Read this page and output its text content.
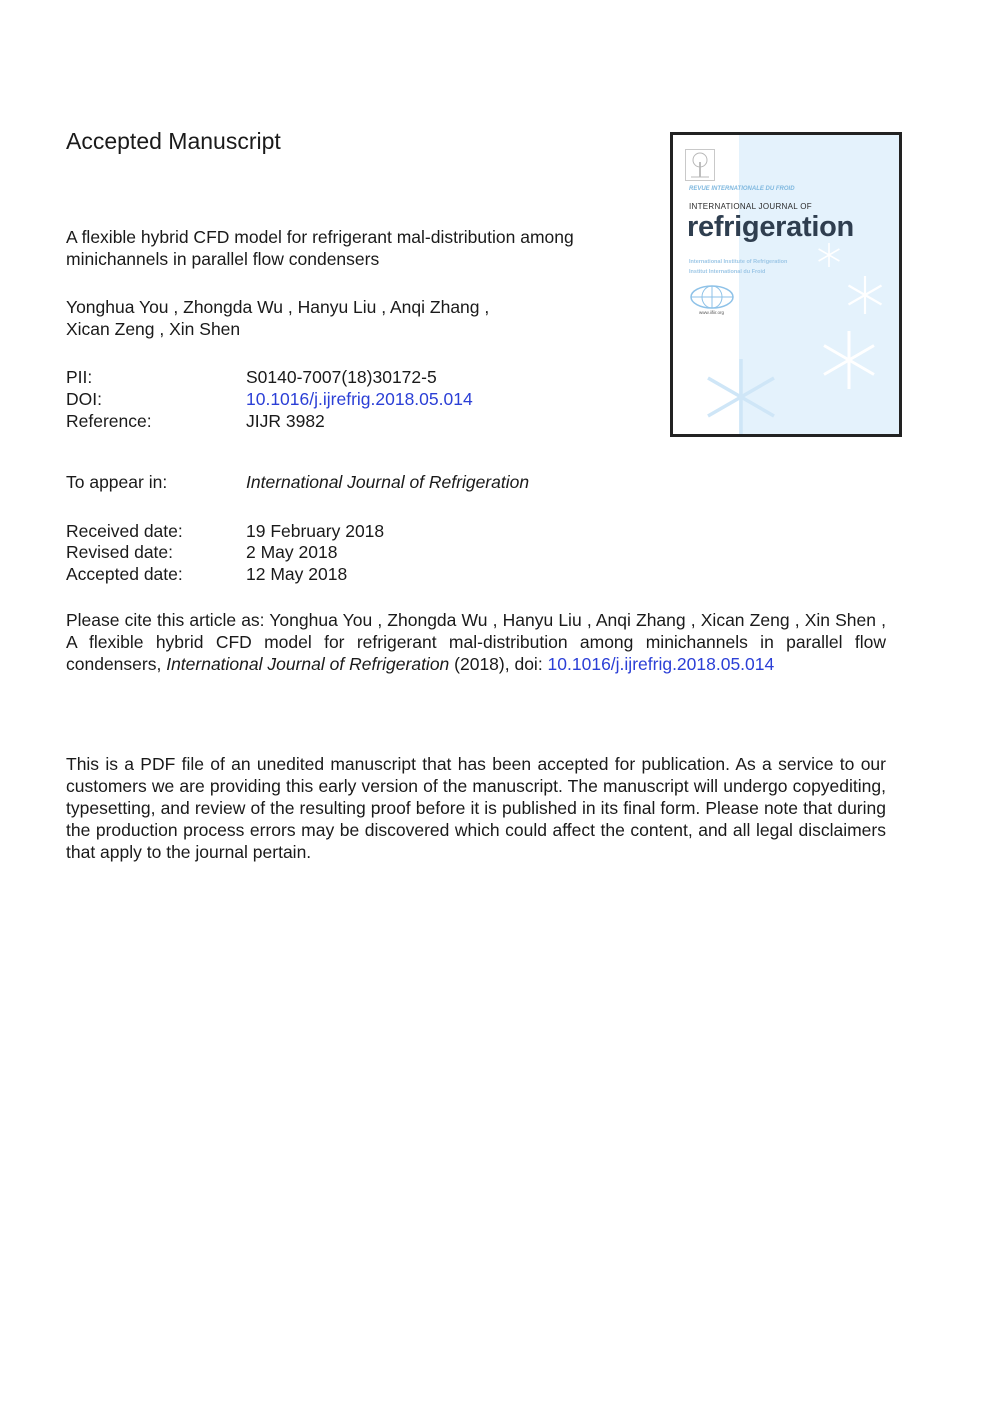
Accepted Manuscript
A flexible hybrid CFD model for refrigerant mal-distribution among minichannels in parallel flow condensers
Yonghua You , Zhongda Wu , Hanyu Liu , Anqi Zhang ,
Xican Zeng , Xin Shen
PII:	S0140-7007(18)30172-5
DOI:	10.1016/j.ijrefrig.2018.05.014
Reference:	JIJR 3982
To appear in:	International Journal of Refrigeration
Received date:	19 February 2018
Revised date:	2 May 2018
Accepted date:	12 May 2018
Please cite this article as: Yonghua You , Zhongda Wu , Hanyu Liu , Anqi Zhang , Xican Zeng , Xin Shen , A flexible hybrid CFD model for refrigerant mal-distribution among minichannels in parallel flow condensers, International Journal of Refrigeration (2018), doi: 10.1016/j.ijrefrig.2018.05.014
This is a PDF file of an unedited manuscript that has been accepted for publication. As a service to our customers we are providing this early version of the manuscript. The manuscript will undergo copyediting, typesetting, and review of the resulting proof before it is published in its final form. Please note that during the production process errors may be discovered which could affect the content, and all legal disclaimers that apply to the journal pertain.
REVUE INTERNATIONALE DU FROID
INTERNATIONAL JOURNAL OF
refrigeration
International Institute of Refrigeration
Institut International du Froid
www.iifiir.org
